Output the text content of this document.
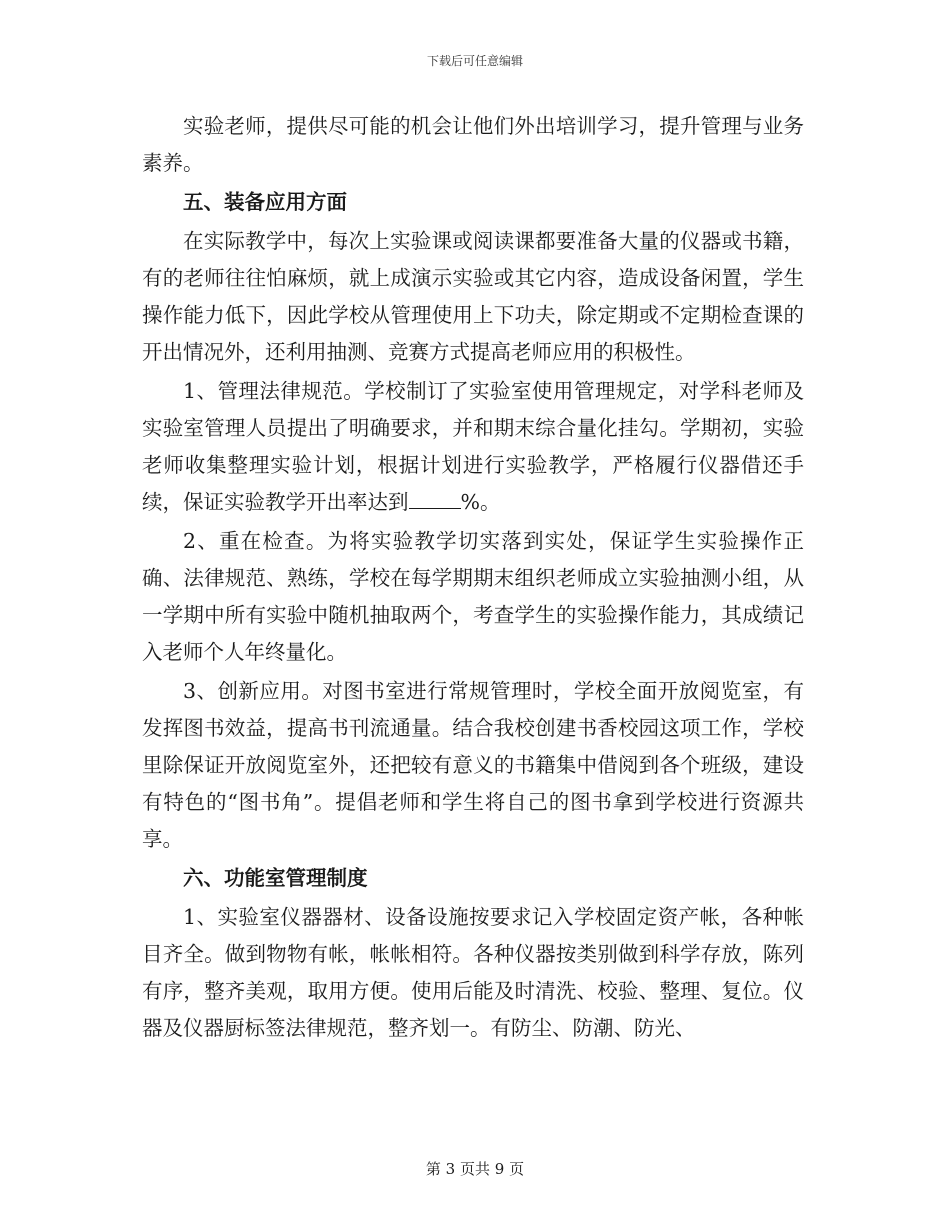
下载后可任意编辑

实验老师，提供尽可能的机会让他们外出培训学习，提升管理与业务素养。

五、装备应用方面

在实际教学中，每次上实验课或阅读课都要准备大量的仪器或书籍，有的老师往往怕麻烦，就上成演示实验或其它内容，造成设备闲置，学生操作能力低下，因此学校从管理使用上下功夫，除定期或不定期检查课的开出情况外，还利用抽测、竞赛方式提高老师应用的积极性。

1、管理法律规范。学校制订了实验室使用管理规定，对学科老师及实验室管理人员提出了明确要求，并和期末综合量化挂勾。学期初，实验老师收集整理实验计划，根据计划进行实验教学，严格履行仪器借还手续，保证实验教学开出率达到	%。

2、重在检查。为将实验教学切实落到实处，保证学生实验操作正确、法律规范、熟练，学校在每学期期末组织老师成立实验抽测小组，从一学期中所有实验中随机抽取两个，考查学生的实验操作能力，其成绩记入老师个人年终量化。

3、创新应用。对图书室进行常规管理时，学校全面开放阅览室，有发挥图书效益，提高书刊流通量。结合我校创建书香校园这项工作，学校里除保证开放阅览室外，还把较有意义的书籍集中借阅到各个班级，建设有特色的“图书角”。提倡老师和学生将自己的图书拿到学校进行资源共享。

六、功能室管理制度

1、实验室仪器器材、设备设施按要求记入学校固定资产帐，各种帐目齐全。做到物物有帐，帐帐相符。各种仪器按类别做到科学存放，陈列有序，整齐美观，取用方便。使用后能及时清洗、校验、整理、复位。仪器及仪器厨标签法律规范，整齐划一。有防尘、防潮、防光、

第 3 页共 9 页
